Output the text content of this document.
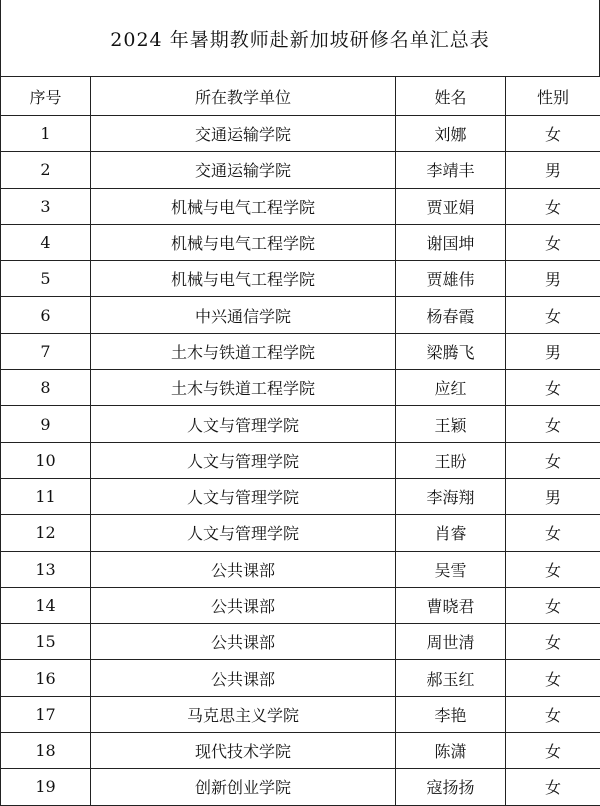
2024 年暑期教师赴新加坡研修名单汇总表
序号	所在教学单位	姓名	性别
1	交通运输学院	刘娜	女
2	交通运输学院	李靖丰	男
3	机械与电气工程学院	贾亚娟	女
4	机械与电气工程学院	谢国坤	女
5	机械与电气工程学院	贾雄伟	男
6	中兴通信学院	杨春霞	女
7	土木与铁道工程学院	梁腾飞	男
8	土木与铁道工程学院	应红	女
9	人文与管理学院	王颖	女
10	人文与管理学院	王盼	女
11	人文与管理学院	李海翔	男
12	人文与管理学院	肖睿	女
13	公共课部	吴雪	女
14	公共课部	曹晓君	女
15	公共课部	周世清	女
16	公共课部	郝玉红	女
17	马克思主义学院	李艳	女
18	现代技术学院	陈潇	女
19	创新创业学院	寇扬扬	女
